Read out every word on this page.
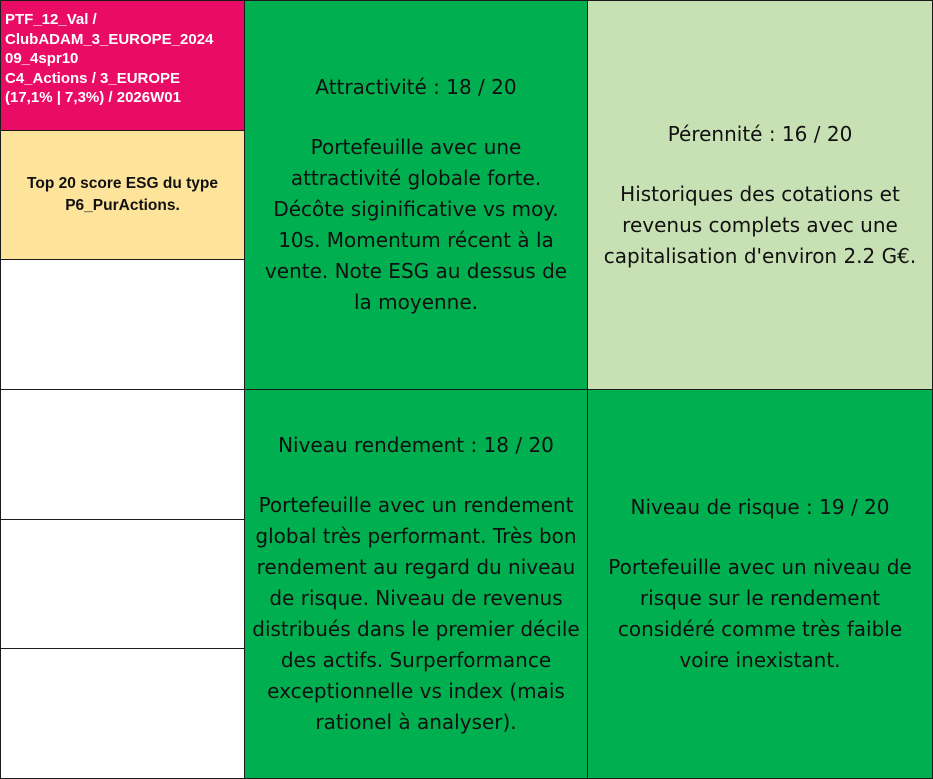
PTF_12_Val /
ClubADAM_3_EUROPE_2024
09_4spr10
C4_Actions / 3_EUROPE
(17,1% | 7,3%) / 2026W01
Top 20 score ESG du type P6_PurActions.

Attractivité : 18 / 20

Portefeuille avec une attractivité globale forte. Décôte siginificative vs moy. 10s. Momentum récent à la vente. Note ESG au dessus de la moyenne.

Pérennité : 16 / 20

Historiques des cotations et revenus complets avec une capitalisation d'environ 2.2 G€.

Niveau rendement : 18 / 20

Portefeuille avec un rendement global très performant. Très bon rendement au regard du niveau de risque. Niveau de revenus distribués dans le premier décile des actifs. Surperformance exceptionnelle vs index (mais rationel à analyser).

Niveau de risque : 19 / 20

Portefeuille avec un niveau de risque sur le rendement considéré comme très faible voire inexistant.
